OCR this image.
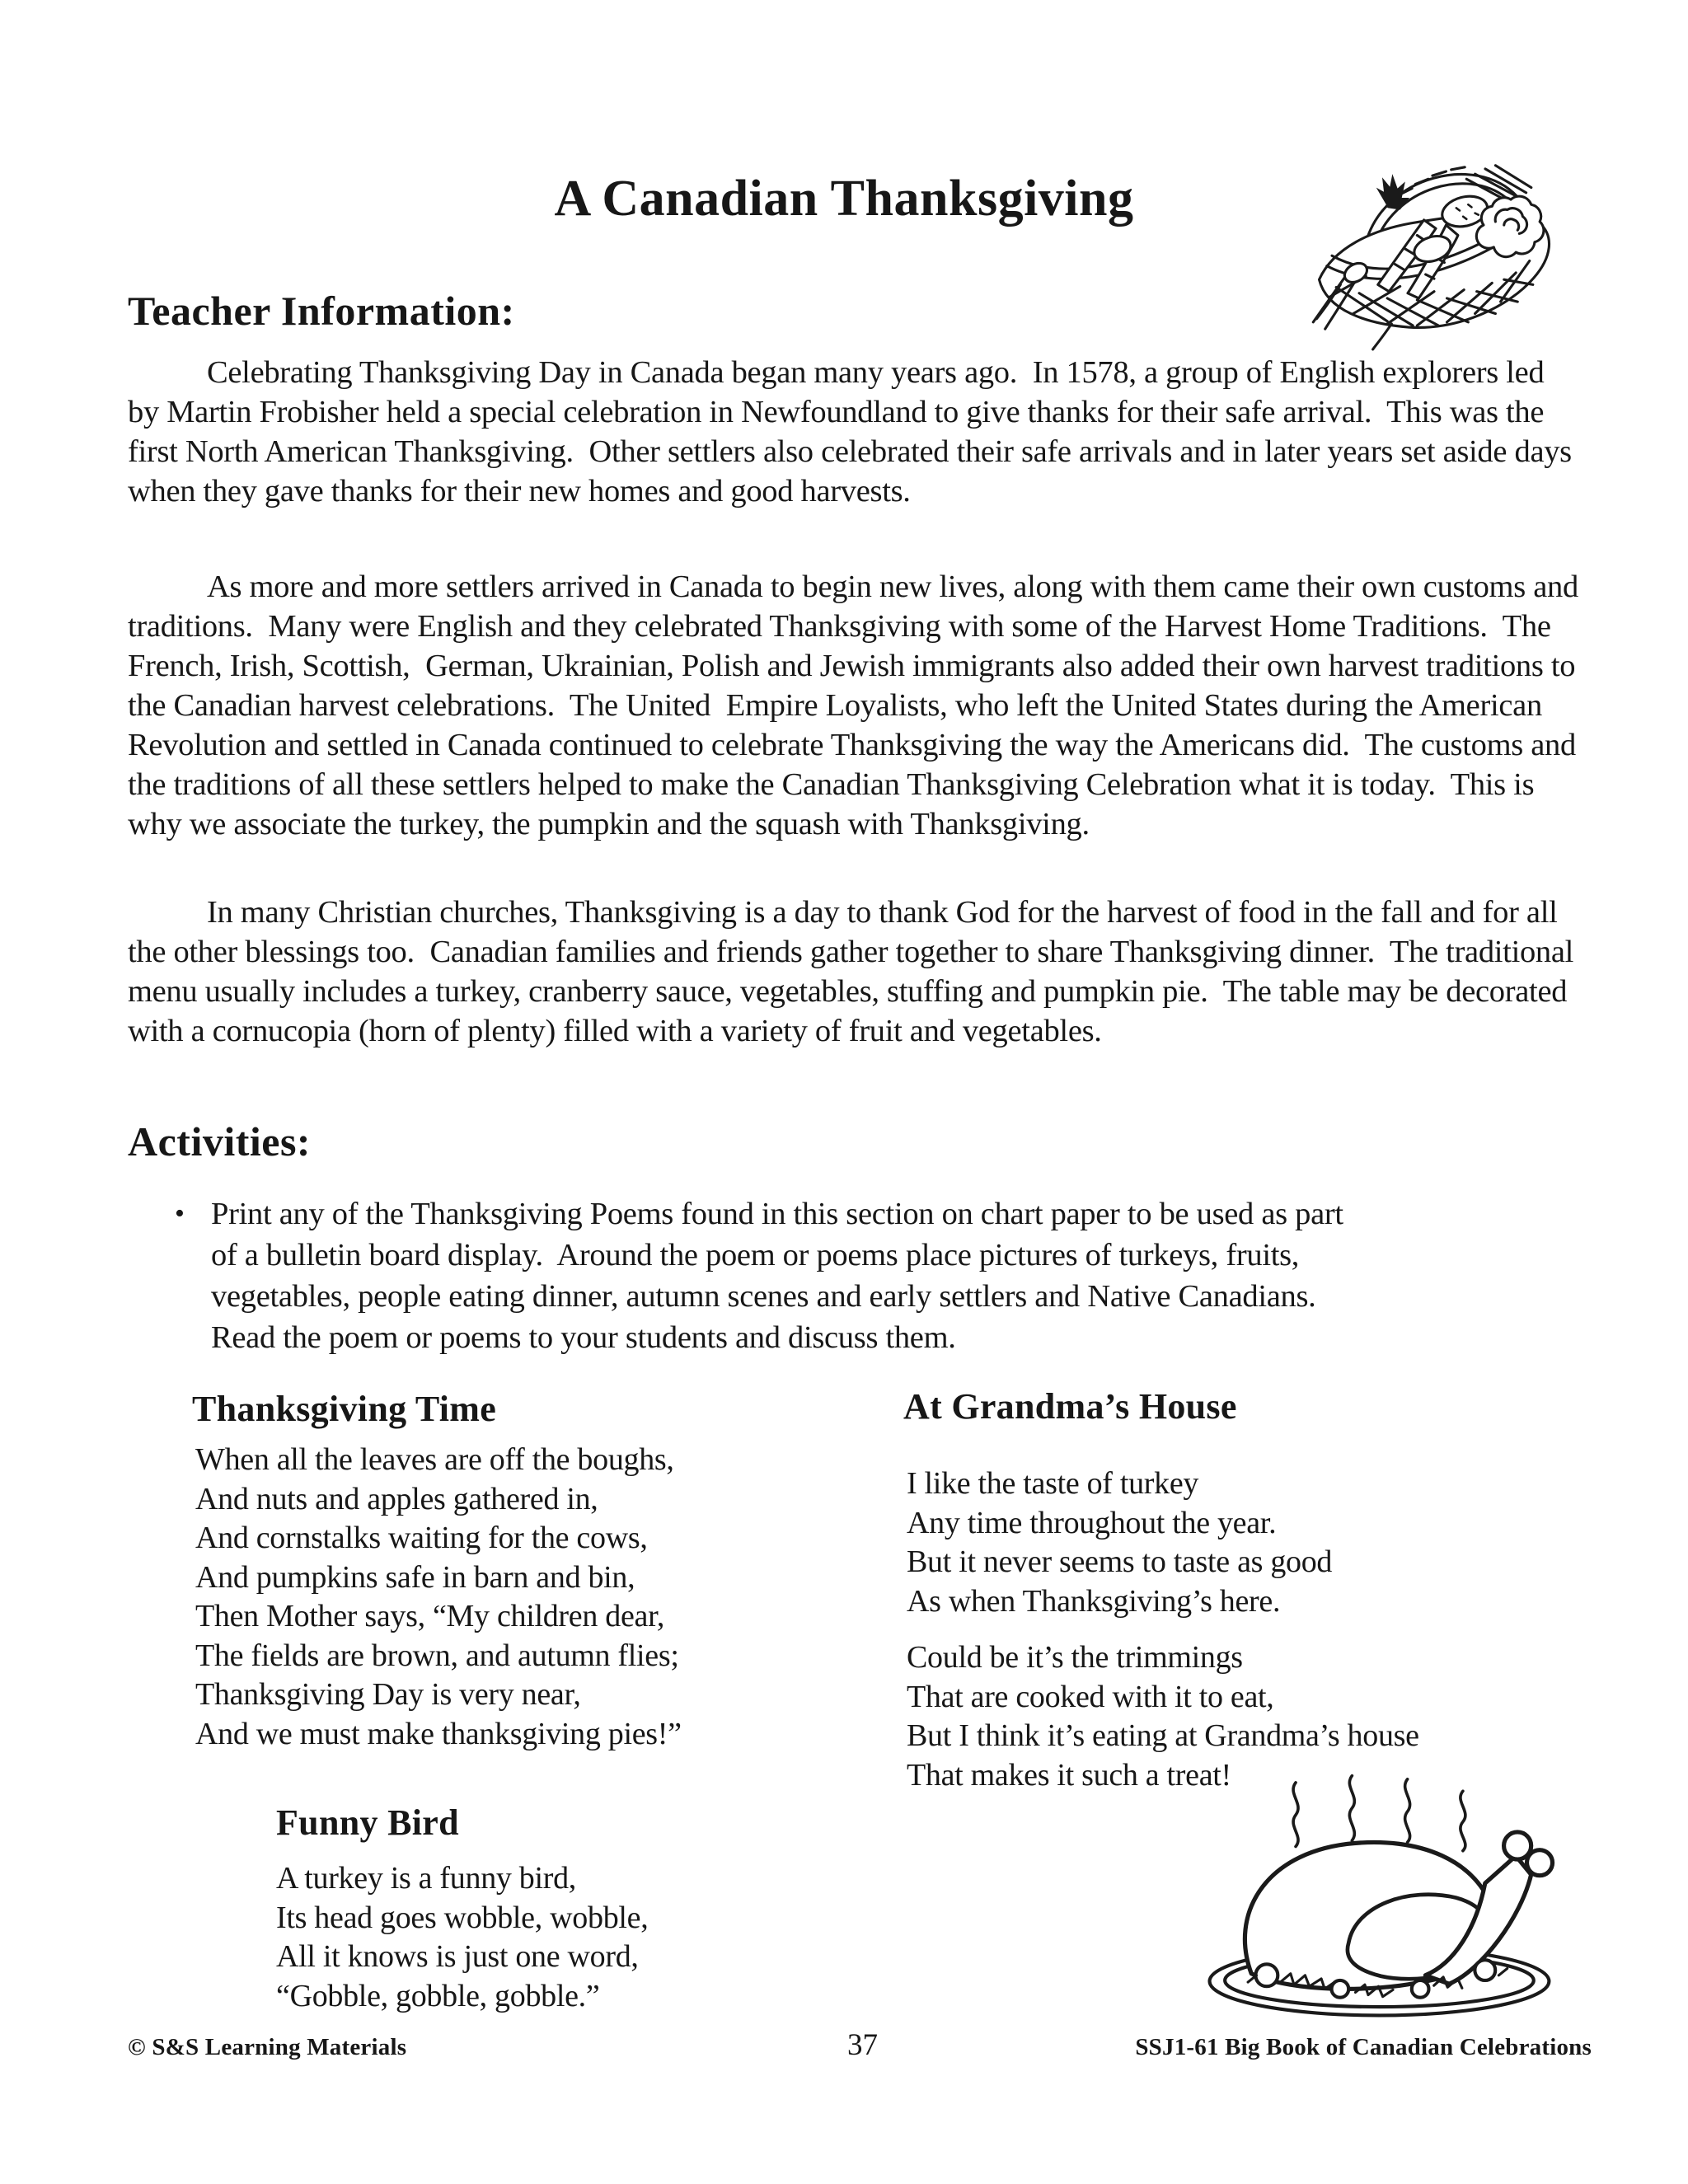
A Canadian Thanksgiving
Teacher Information:
Celebrating Thanksgiving Day in Canada began many years ago.  In 1578, a group of English explorers led by Martin Frobisher held a special celebration in Newfoundland to give thanks for their safe arrival.  This was the first North American Thanksgiving.  Other settlers also celebrated their safe arrivals and in later years set aside days when they gave thanks for their new homes and good harvests.
As more and more settlers arrived in Canada to begin new lives, along with them came their own customs and traditions.  Many were English and they celebrated Thanksgiving with some of the Harvest Home Traditions.  The French, Irish, Scottish,  German, Ukrainian, Polish and Jewish immigrants also added their own harvest traditions to the Canadian harvest celebrations.  The United  Empire Loyalists, who left the United States during the American Revolution and settled in Canada continued to celebrate Thanksgiving the way the Americans did.  The customs and the traditions of all these settlers helped to make the Canadian Thanksgiving Celebration what it is today.  This is why we associate the turkey, the pumpkin and the squash with Thanksgiving.
In many Christian churches, Thanksgiving is a day to thank God for the harvest of food in the fall and for all the other blessings too.  Canadian families and friends gather together to share Thanksgiving dinner.  The traditional menu usually includes a turkey, cranberry sauce, vegetables, stuffing and pumpkin pie.  The table may be decorated with a cornucopia (horn of plenty) filled with a variety of fruit and vegetables.
Activities:
• Print any of the Thanksgiving Poems found in this section on chart paper to be used as part of a bulletin board display.  Around the poem or poems place pictures of turkeys, fruits, vegetables, people eating dinner, autumn scenes and early settlers and Native Canadians.  Read the poem or poems to your students and discuss them.
Thanksgiving Time
When all the leaves are off the boughs,
And nuts and apples gathered in,
And cornstalks waiting for the cows,
And pumpkins safe in barn and bin,
Then Mother says, “My children dear,
The fields are brown, and autumn flies;
Thanksgiving Day is very near,
And we must make thanksgiving pies!”
At Grandma’s House
I like the taste of turkey
Any time throughout the year.
But it never seems to taste as good
As when Thanksgiving’s here.
Could be it’s the trimmings
That are cooked with it to eat,
But I think it’s eating at Grandma’s house
That makes it such a treat!
Funny Bird
A turkey is a funny bird,
Its head goes wobble, wobble,
All it knows is just one word,
“Gobble, gobble, gobble.”
© S&S Learning Materials	37	SSJ1-61 Big Book of Canadian Celebrations
